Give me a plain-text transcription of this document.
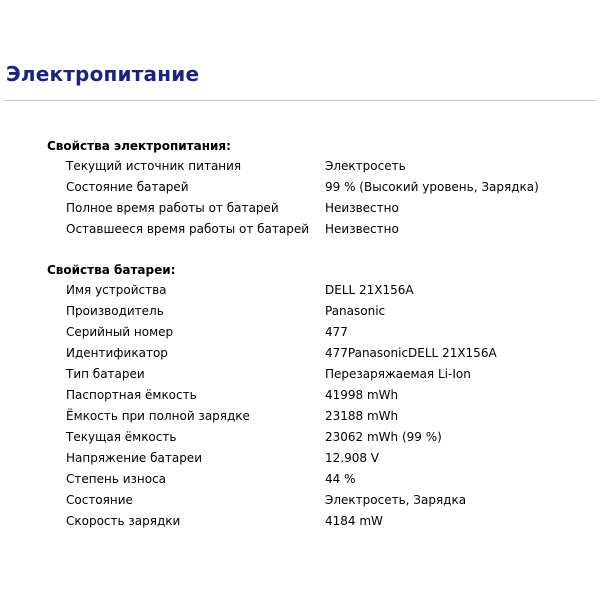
Электропитание
Свойства электропитания:
Текущий источник питания	Электросеть
Состояние батарей	99 % (Высокий уровень, Зарядка)
Полное время работы от батарей	Неизвестно
Оставшееся время работы от батарей	Неизвестно
Свойства батареи:
Имя устройства	DELL 21X156A
Производитель	Panasonic
Серийный номер	477
Идентификатор	477PanasonicDELL 21X156A
Тип батареи	Перезаряжаемая Li-Ion
Паспортная ёмкость	41998 mWh
Ёмкость при полной зарядке	23188 mWh
Текущая ёмкость	23062 mWh (99 %)
Напряжение батареи	12.908 V
Степень износа	44 %
Состояние	Электросеть, Зарядка
Скорость зарядки	4184 mW
